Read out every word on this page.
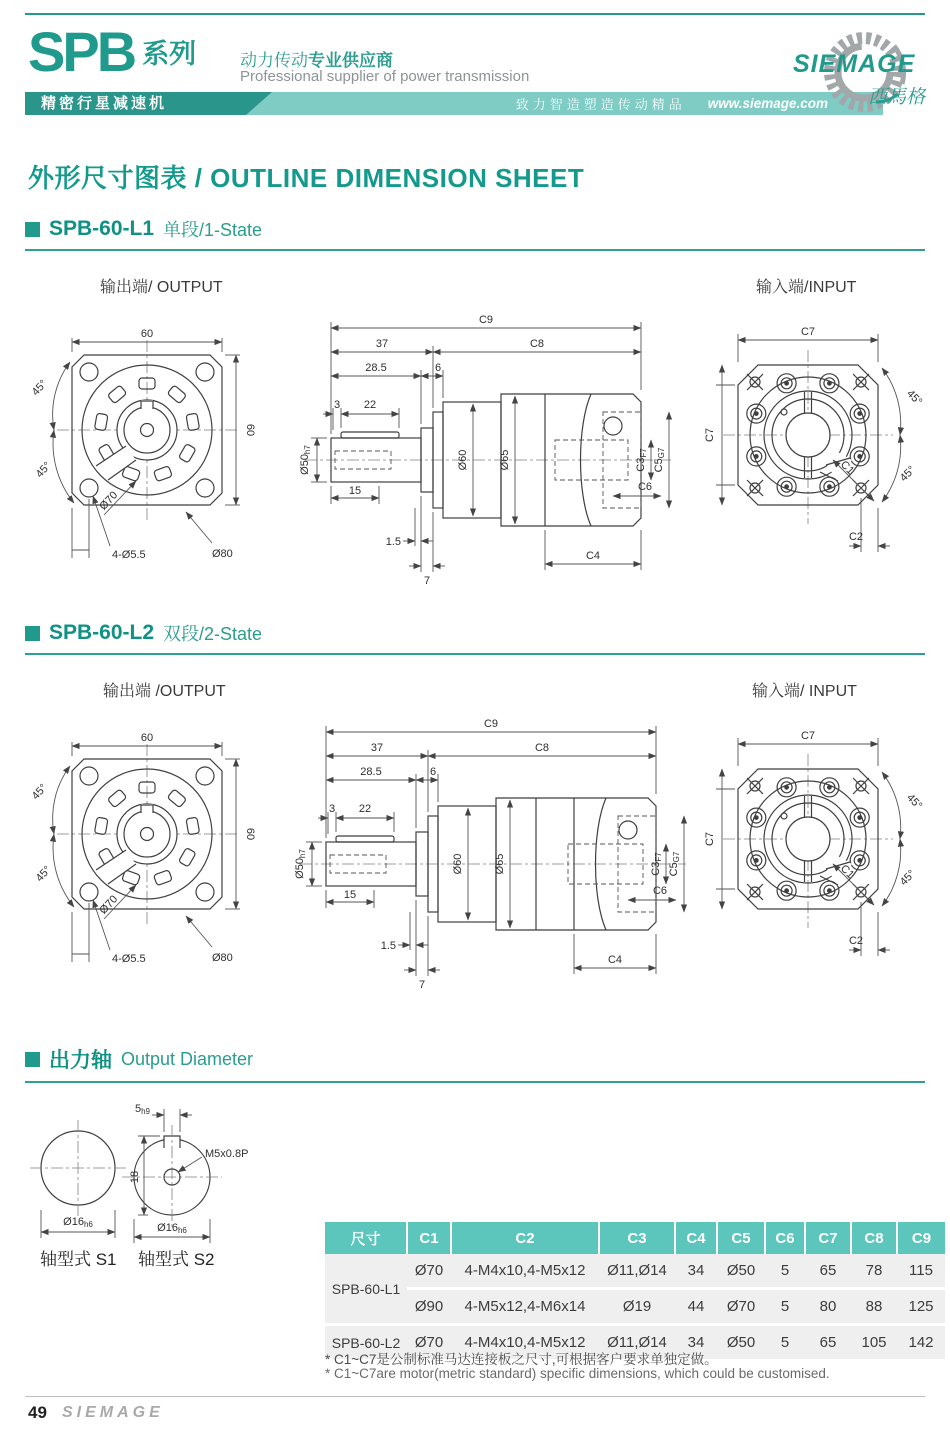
SPB 系列	动力传动专业供应商
Professional supplier of power transmission
精密行星减速机	致力智造塑造传动精品 www.siemage.com
SIEMAGE
西馬格
外形尺寸图表 / OUTLINE DIMENSION SHEET
SPB-60-L1 单段/1-State
输出端/ OUTPUT	输入端/INPUT
60
60
45°
45°
Ø70
4-Ø5.5	Ø80
C9
37	C8
28.5	6
3 22
Ø50h7	Ø60	Ø65	C3F7
C5G7
C6
15
1.5
7
C4
C7
C7
C1
C2
45°
45°
SPB-60-L2 双段/2-State
输出端 /OUTPUT	输入端/ INPUT
60
60
45°
45°
Ø70
4-Ø5.5	Ø80
C9
37	C8
28.5	6
3 22
Ø50h7	Ø60	Ø65	C3F7
C5G7
C6
15
1.5
7
C4
C7
C7
C1
C2
45°
45°
出力轴 Output Diameter
Ø16h6
5h9
18
M5x0.8P
Ø16h6
轴型式 S1 轴型式 S2
尺寸	C1	C2	C3	C4	C5	C6	C7	C8	C9
SPB-60-L1	Ø70	4-M4x10,4-M5x12	Ø11,Ø14	34	Ø50	5	65	78	115
	Ø90	4-M5x12,4-M6x14	Ø19	44	Ø70	5	80	88	125
SPB-60-L2	Ø70	4-M4x10,4-M5x12	Ø11,Ø14	34	Ø50	5	65	105	142
* C1~C7是公制标准马达连接板之尺寸,可根据客户要求单独定做。
* C1~C7are motor(metric standard) specific dimensions, which could be customised.
49 SIEMAGE
